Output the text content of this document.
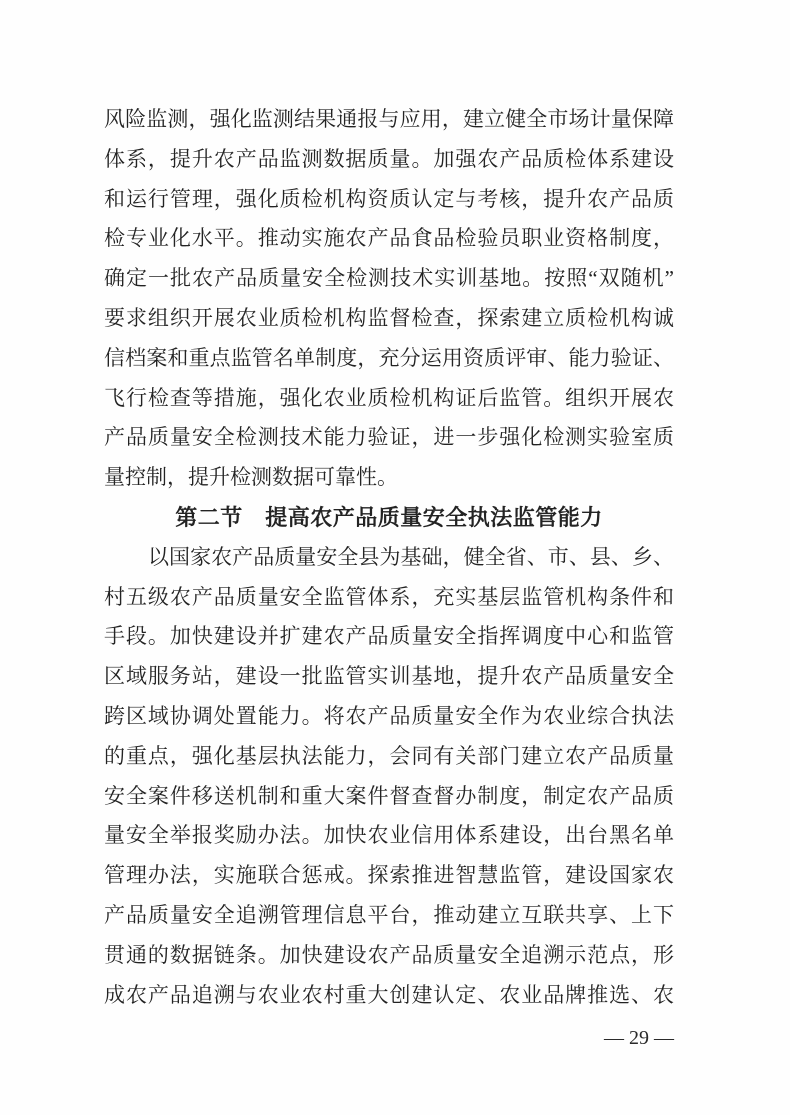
风险监测，强化监测结果通报与应用，建立健全市场计量保障

体系，提升农产品监测数据质量。加强农产品质检体系建设

和运行管理，强化质检机构资质认定与考核，提升农产品质

检专业化水平。推动实施农产品食品检验员职业资格制度，

确定一批农产品质量安全检测技术实训基地。按照“双随机”

要求组织开展农业质检机构监督检查，探索建立质检机构诚

信档案和重点监管名单制度，充分运用资质评审、能力验证、

飞行检查等措施，强化农业质检机构证后监管。组织开展农

产品质量安全检测技术能力验证，进一步强化检测实验室质

量控制，提升检测数据可靠性。

第二节　提高农产品质量安全执法监管能力

以国家农产品质量安全县为基础，健全省、市、县、乡、

村五级农产品质量安全监管体系，充实基层监管机构条件和

手段。加快建设并扩建农产品质量安全指挥调度中心和监管

区域服务站，建设一批监管实训基地，提升农产品质量安全

跨区域协调处置能力。将农产品质量安全作为农业综合执法

的重点，强化基层执法能力，会同有关部门建立农产品质量

安全案件移送机制和重大案件督查督办制度，制定农产品质

量安全举报奖励办法。加快农业信用体系建设，出台黑名单

管理办法，实施联合惩戒。探索推进智慧监管，建设国家农

产品质量安全追溯管理信息平台，推动建立互联共享、上下

贯通的数据链条。加快建设农产品质量安全追溯示范点，形

成农产品追溯与农业农村重大创建认定、农业品牌推选、农

— 29 —
